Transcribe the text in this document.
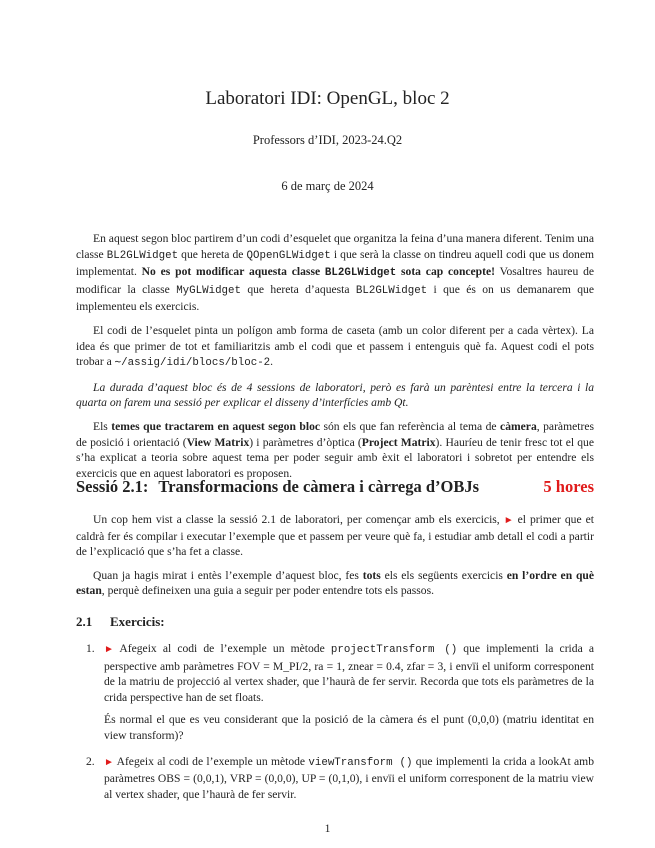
Laboratori IDI: OpenGL, bloc 2
Professors d’IDI, 2023-24.Q2
6 de març de 2024

En aquest segon bloc partirem d’un codi d’esquelet que organitza la feina d’una manera diferent. Tenim una classe BL2GLWidget que hereta de QOpenGLWidget i que serà la classe on tindreu aquell codi que us donem implementat. No es pot modificar aquesta classe BL2GLWidget sota cap concepte! Vosaltres haureu de modificar la classe MyGLWidget que hereta d’aquesta BL2GLWidget i que és on us demanarem que implementeu els exercicis.

El codi de l’esquelet pinta un polígon amb forma de caseta (amb un color diferent per a cada vèrtex). La idea és que primer de tot et familiaritzis amb el codi que et passem i entenguis què fa. Aquest codi el pots trobar a ∼/assig/idi/blocs/bloc-2.

La durada d’aquest bloc és de 4 sessions de laboratori, però es farà un parèntesi entre la tercera i la quarta on farem una sessió per explicar el disseny d’interfícies amb Qt.

Els temes que tractarem en aquest segon bloc són els que fan referència al tema de càmera, paràmetres de posició i orientació (View Matrix) i paràmetres d’òptica (Project Matrix). Hauríeu de tenir fresc tot el que s’ha explicat a teoria sobre aquest tema per poder seguir amb èxit el laboratori i sobretot per entendre els exercicis que en aquest laboratori es proposen.

Sessió 2.1: Transformacions de càmera i càrrega d’OBJs	5 hores

Un cop hem vist a classe la sessió 2.1 de laboratori, per començar amb els exercicis, ► el primer que et caldrà fer és compilar i executar l’exemple que et passem per veure què fa, i estudiar amb detall el codi a partir de l’explicació que s’ha fet a classe.

Quan ja hagis mirat i entès l’exemple d’aquest bloc, fes tots els els següents exercicis en l’ordre en què estan, perquè defineixen una guia a seguir per poder entendre tots els passos.

2.1 Exercicis:
1. ► Afegeix al codi de l’exemple un mètode projectTransform () que implementi la crida a perspective amb paràmetres FOV = M_PI/2, ra = 1, znear = 0.4, zfar = 3, i envïi el uniform corresponent de la matriu de projecció al vertex shader, que l’haurà de fer servir. Recorda que tots els paràmetres de la crida perspective han de set floats.

És normal el que es veu considerant que la posició de la càmera és el punt (0,0,0) (matriu identitat en view transform)?

2. ► Afegeix al codi de l’exemple un mètode viewTransform () que implementi la crida a lookAt amb paràmetres OBS = (0,0,1), VRP = (0,0,0), UP = (0,1,0), i envïi el uniform corresponent de la matriu view al vertex shader, que l’haurà de fer servir.

1
